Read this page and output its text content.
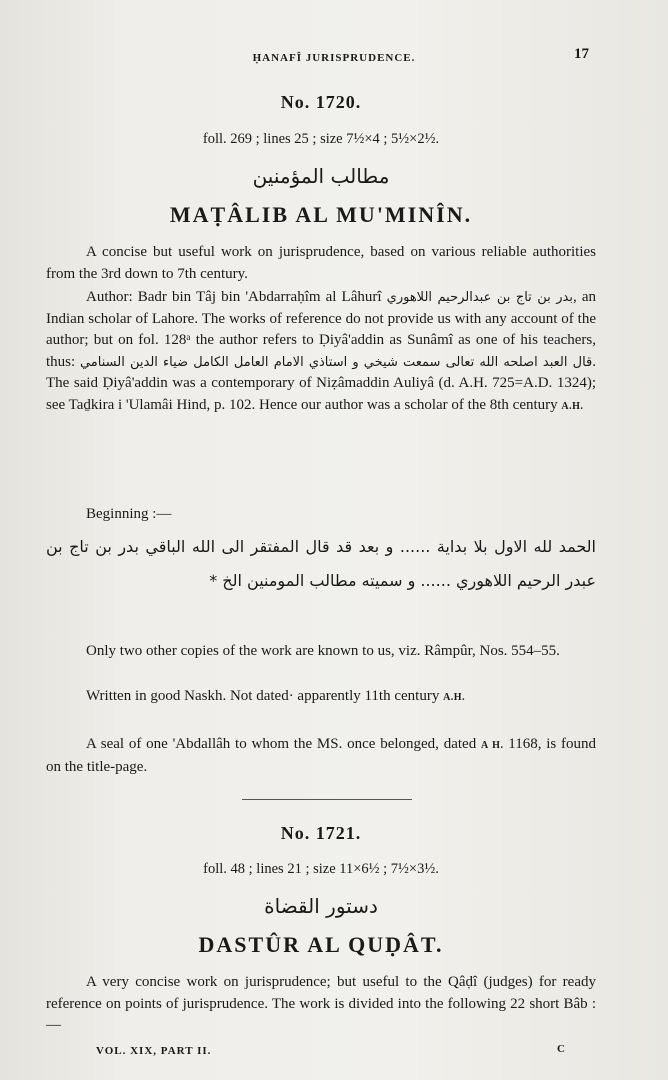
ḤANAFÎ JURISPRUDENCE.	17
No. 1720.
foll. 269 ; lines 25 ; size 7½×4 ; 5½×2½.
مطالب المؤمنين
MAṬÂLIB AL MU'MINÎN.

A concise but useful work on jurisprudence, based on various reliable authorities from the 3rd down to 7th century.

Author: Badr bin Tâj bin 'Abdarraḥîm al Lâhurî بدر بن تاج بن عبدالرحيم اللاهوري, an Indian scholar of Lahore. The works of reference do not provide us with any account of the author; but on fol. 128ᵃ the author refers to Ḍiyâ'addin as Sunâmî as one of his teachers, thus: قال العبد اصلحه الله تعالى سمعت شيخي و استاذي الامام العامل الكامل ضياء الدين السنامي. The said Ḍiyâ'addin was a contemporary of Niẓâmaddin Auliyâ (d. A.H. 725=A.D. 1324); see Taḏkira i 'Ulamâi Hind, p. 102. Hence our author was a scholar of the 8th century A.H.

Beginning :—

الحمد لله الاول بلا بداية ...... و بعد قد قال المفتقر الى الله الباقي بدر بن تاج بن عبدر الرحيم اللاهوري ...... و سميته مطالب المومنين الخ *

Only two other copies of the work are known to us, viz. Râmpûr, Nos. 554–55.

Written in good Naskh. Not dated· apparently 11th century A.H.

A seal of one 'Abdallâh to whom the MS. once belonged, dated A H. 1168, is found on the title-page.

No. 1721.
foll. 48 ; lines 21 ; size 11×6½ ; 7½×3½.
دستور القضاة
DASTÛR AL QUḌÂT.

A very concise work on jurisprudence; but useful to the Qâḍî (judges) for ready reference on points of jurisprudence. The work is divided into the following 22 short Bâb :—

VOL. XIX, PART II.	C
